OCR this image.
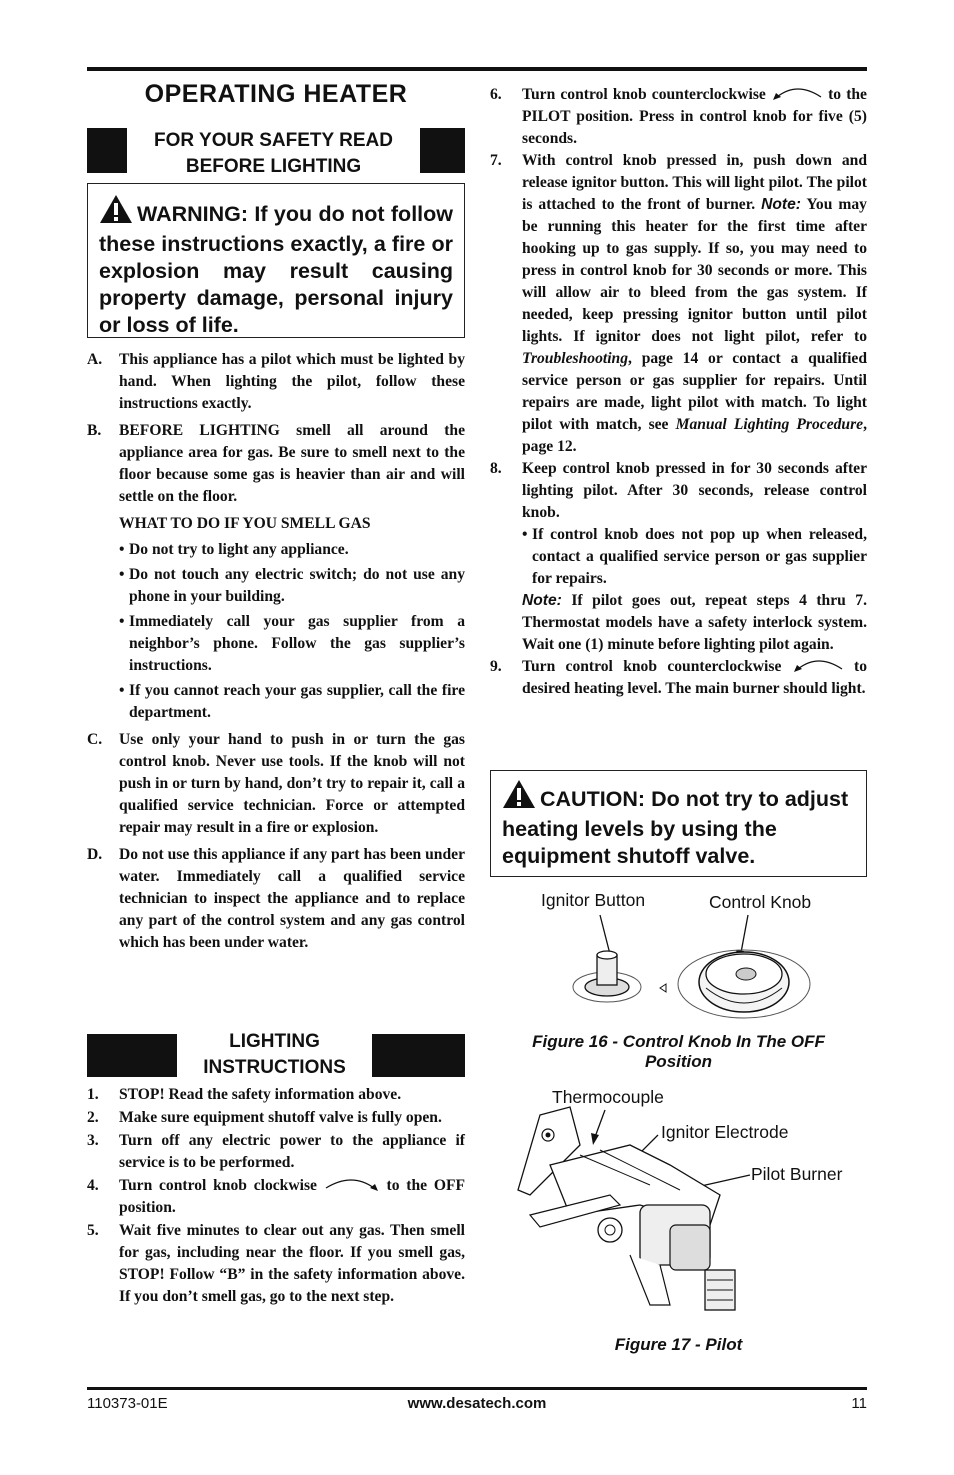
OPERATING HEATER
FOR YOUR SAFETY READ
BEFORE LIGHTING
WARNING: If you do not follow these instructions exactly, a fire or explosion may result causing property damage, personal injury or loss of life.
A.	This appliance has a pilot which must be lighted by hand. When lighting the pilot, follow these instructions exactly.
B.	BEFORE LIGHTING smell all around the appliance area for gas. Be sure to smell next to the floor because some gas is heavier than air and will settle on the floor.
WHAT TO DO IF YOU SMELL GAS
• Do not try to light any appliance.
• Do not touch any electric switch; do not use any phone in your building.
• Immediately call your gas supplier from a neighbor’s phone. Follow the gas supplier’s instructions.
• If you cannot reach your gas supplier, call the fire department.
C.	Use only your hand to push in or turn the gas control knob. Never use tools. If the knob will not push in or turn by hand, don’t try to repair it, call a qualified service technician. Force or attempted repair may result in a fire or explosion.
D.	Do not use this appliance if any part has been under water. Immediately call a qualified service technician to inspect the appliance and to replace any part of the control system and any gas control which has been under water.
LIGHTING
INSTRUCTIONS
1.	STOP! Read the safety information above.
2.	Make sure equipment shutoff valve is fully open.
3.	Turn off any electric power to the appliance if service is to be performed.
4.	Turn control knob clockwise	to the OFF position.
5.	Wait five minutes to clear out any gas. Then smell for gas, including near the floor. If you smell gas, STOP! Follow “B” in the safety information above. If you don’t smell gas, go to the next step.
6.	Turn control knob counterclockwise	to the PILOT position. Press in control knob for five (5) seconds.
7.	With control knob pressed in, push down and release ignitor button. This will light pilot. The pilot is attached to the front of burner. Note: You may be running this heater for the first time after hooking up to gas supply. If so, you may need to press in control knob for 30 seconds or more. This will allow air to bleed from the gas system. If needed, keep pressing ignitor button until pilot lights. If ignitor does not light pilot, refer to Troubleshooting, page 14 or contact a qualified service person or gas supplier for repairs. Until repairs are made, light pilot with match. To light pilot with match, see Manual Lighting Procedure, page 12.
8.	Keep control knob pressed in for 30 seconds after lighting pilot. After 30 seconds, release control knob.
• If control knob does not pop up when released, contact a qualified service person or gas supplier for repairs.
Note: If pilot goes out, repeat steps 4 thru 7. Thermostat models have a safety interlock system. Wait one (1) minute before lighting pilot again.
9.	Turn control knob counterclockwise	to desired heating level. The main burner should light.
CAUTION: Do not try to adjust heating levels by using the equipment shutoff valve.
Ignitor Button	Control Knob
Figure 16 - Control Knob In The OFF
Position
Thermocouple
Ignitor Electrode
Pilot Burner
Figure 17 - Pilot
110373-01E	www.desatech.com	11
